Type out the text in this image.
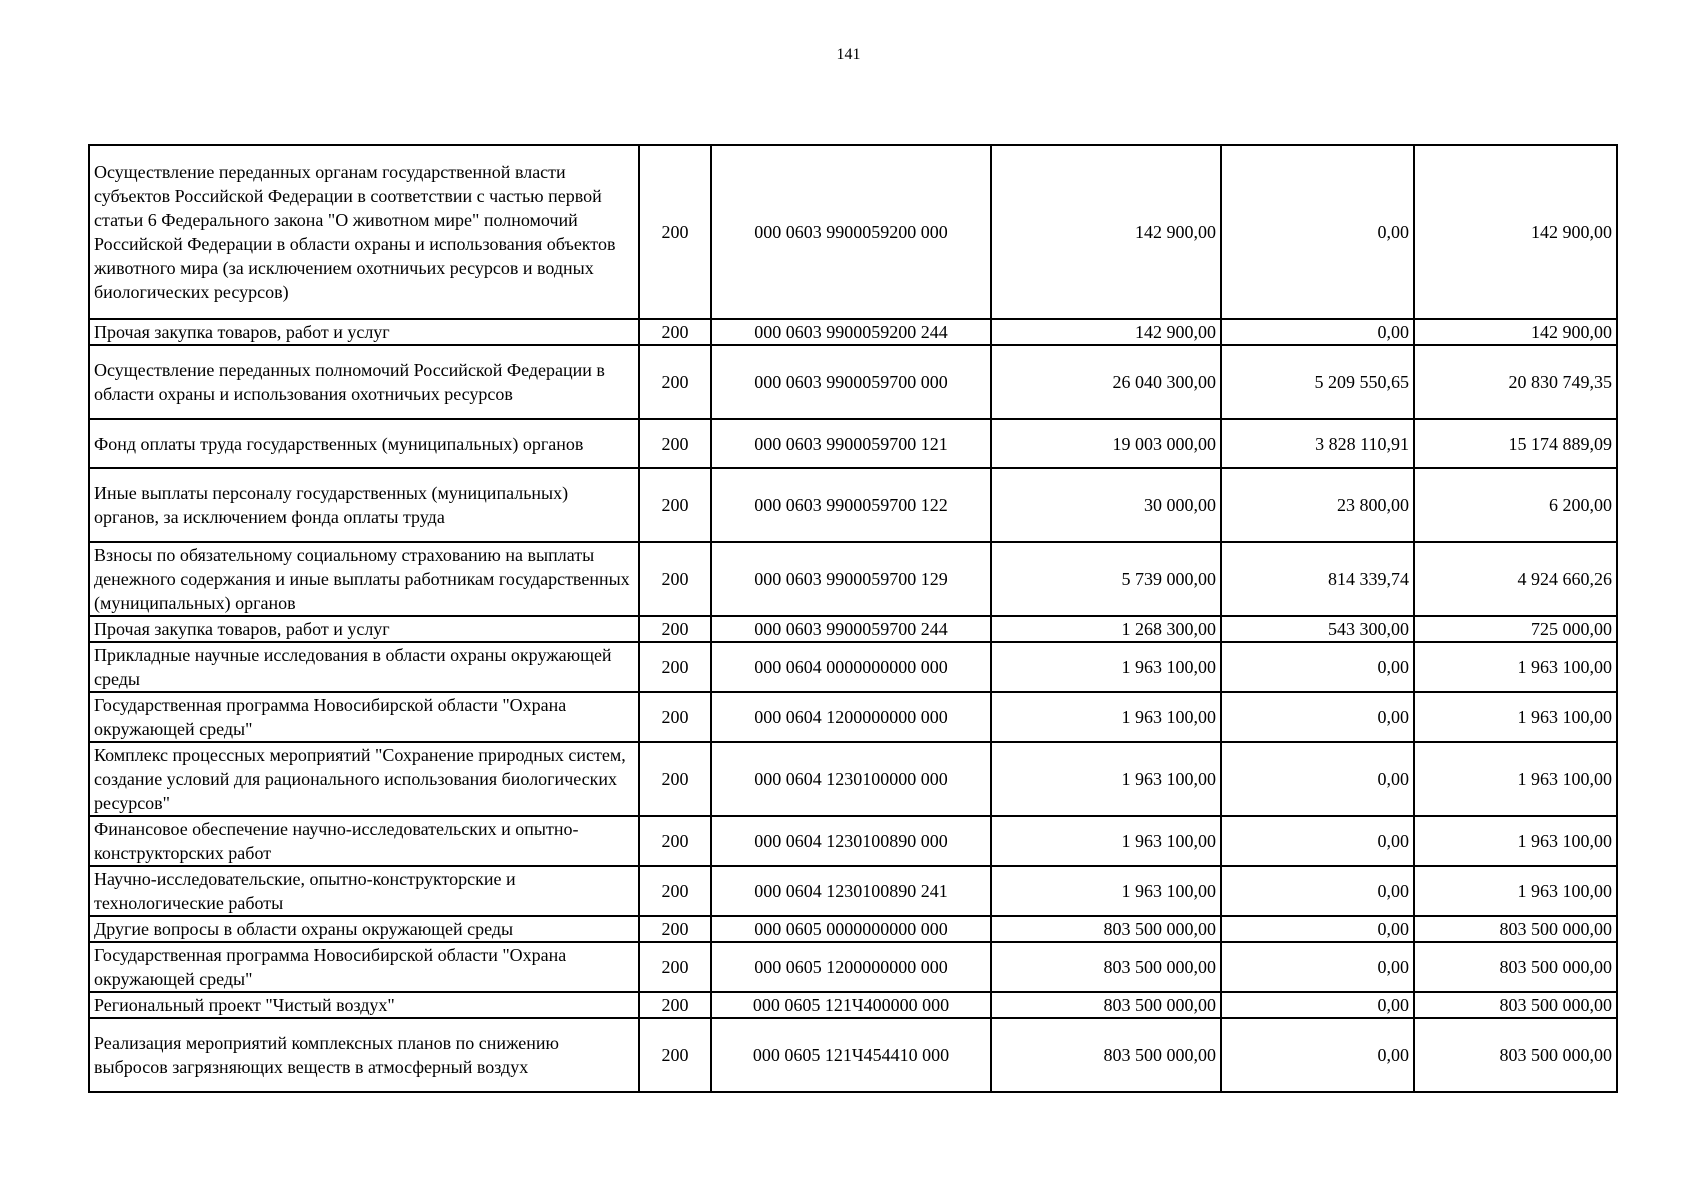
141
Осуществление переданных органам государственной власти субъектов Российской Федерации в соответствии с частью первой статьи 6 Федерального закона "О животном мире" полномочий Российской Федерации в области охраны и использования объектов животного мира (за исключением охотничьих ресурсов и водных биологических ресурсов)	200	000 0603 9900059200 000	142 900,00	0,00	142 900,00
Прочая закупка товаров, работ и услуг	200	000 0603 9900059200 244	142 900,00	0,00	142 900,00
Осуществление переданных полномочий Российской Федерации в области охраны и использования охотничьих ресурсов	200	000 0603 9900059700 000	26 040 300,00	5 209 550,65	20 830 749,35
Фонд оплаты труда государственных (муниципальных) органов	200	000 0603 9900059700 121	19 003 000,00	3 828 110,91	15 174 889,09
Иные выплаты персоналу государственных (муниципальных) органов, за исключением фонда оплаты труда	200	000 0603 9900059700 122	30 000,00	23 800,00	6 200,00
Взносы по обязательному социальному страхованию на выплаты денежного содержания и иные выплаты работникам государственных (муниципальных) органов	200	000 0603 9900059700 129	5 739 000,00	814 339,74	4 924 660,26
Прочая закупка товаров, работ и услуг	200	000 0603 9900059700 244	1 268 300,00	543 300,00	725 000,00
Прикладные научные исследования в области охраны окружающей среды	200	000 0604 0000000000 000	1 963 100,00	0,00	1 963 100,00
Государственная программа Новосибирской области "Охрана окружающей среды"	200	000 0604 1200000000 000	1 963 100,00	0,00	1 963 100,00
Комплекс процессных мероприятий "Сохранение природных систем, создание условий для рационального использования биологических ресурсов"	200	000 0604 1230100000 000	1 963 100,00	0,00	1 963 100,00
Финансовое обеспечение научно-исследовательских и опытно-конструкторских работ	200	000 0604 1230100890 000	1 963 100,00	0,00	1 963 100,00
Научно-исследовательские, опытно-конструкторские и технологические работы	200	000 0604 1230100890 241	1 963 100,00	0,00	1 963 100,00
Другие вопросы в области охраны окружающей среды	200	000 0605 0000000000 000	803 500 000,00	0,00	803 500 000,00
Государственная программа Новосибирской области "Охрана окружающей среды"	200	000 0605 1200000000 000	803 500 000,00	0,00	803 500 000,00
Региональный проект "Чистый воздух"	200	000 0605 121Ч400000 000	803 500 000,00	0,00	803 500 000,00
Реализация мероприятий комплексных планов по снижению выбросов загрязняющих веществ в атмосферный воздух	200	000 0605 121Ч454410 000	803 500 000,00	0,00	803 500 000,00
